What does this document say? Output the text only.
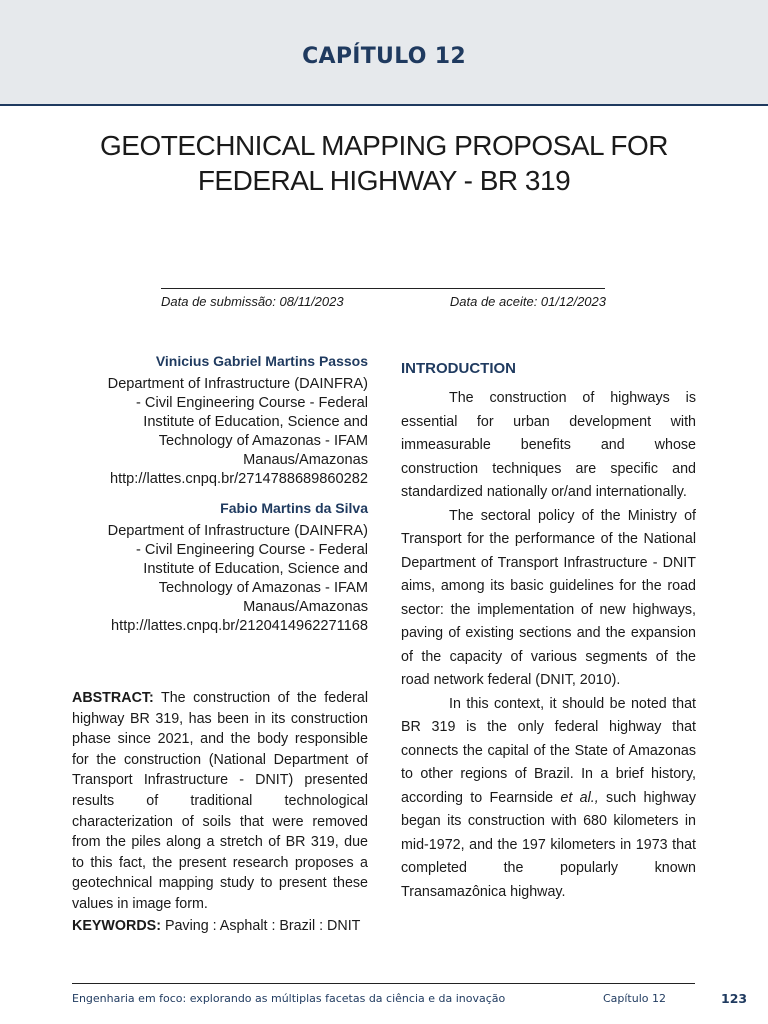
CAPÍTULO 12
GEOTECHNICAL MAPPING PROPOSAL FOR
FEDERAL HIGHWAY - BR 319
Data de submissão: 08/11/2023	Data de aceite: 01/12/2023
Vinicius Gabriel Martins Passos
Department of Infrastructure (DAINFRA)
- Civil Engineering Course - Federal
Institute of Education, Science and
Technology of Amazonas - IFAM
Manaus/Amazonas
http://lattes.cnpq.br/2714788689860282
Fabio Martins da Silva
Department of Infrastructure (DAINFRA)
- Civil Engineering Course - Federal
Institute of Education, Science and
Technology of Amazonas - IFAM
Manaus/Amazonas
http://lattes.cnpq.br/2120414962271168
ABSTRACT: The construction of the federal highway BR 319, has been in its construction phase since 2021, and the body responsible for the construction (National Department of Transport Infrastructure - DNIT) presented results of traditional technological characterization of soils that were removed from the piles along a stretch of BR 319, due to this fact, the present research proposes a geotechnical mapping study to present these values in image form.
KEYWORDS: Paving : Asphalt : Brazil : DNIT
INTRODUCTION

The construction of highways is essential for urban development with immeasurable benefits and whose construction techniques are specific and standardized nationally or/and internationally.

The sectoral policy of the Ministry of Transport for the performance of the National Department of Transport Infrastructure - DNIT aims, among its basic guidelines for the road sector: the implementation of new highways, paving of existing sections and the expansion of the capacity of various segments of the road network federal (DNIT, 2010).

In this context, it should be noted that BR 319 is the only federal highway that connects the capital of the State of Amazonas to other regions of Brazil. In a brief history, according to Fearnside et al., such highway began its construction with 680 kilometers in mid-1972, and the 197 kilometers in 1973 that completed the popularly known Transamazônica highway.

Engenharia em foco: explorando as múltiplas facetas da ciência e da inovação	Capítulo 12	123
